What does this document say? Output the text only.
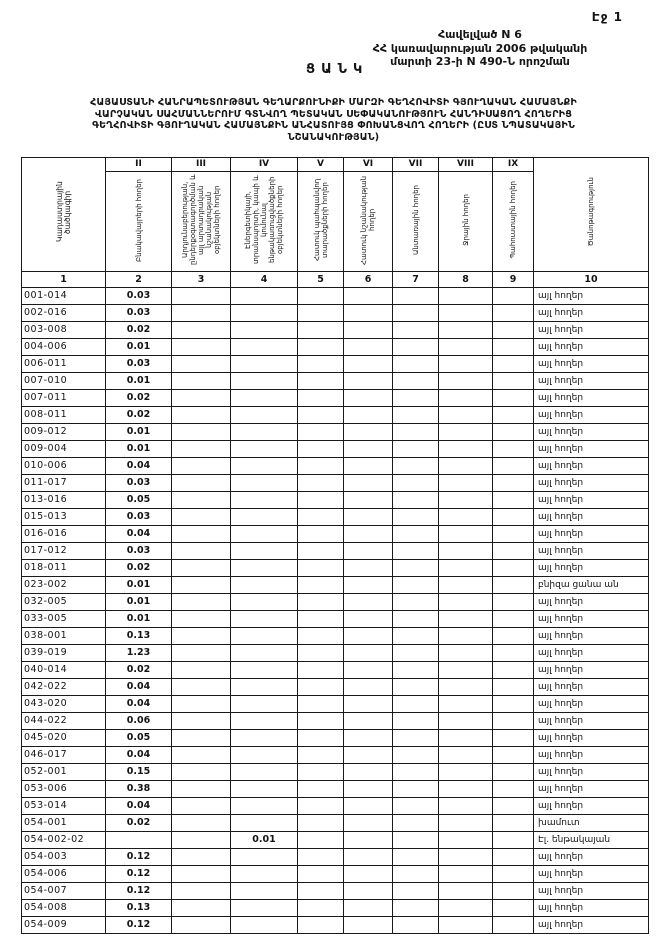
Էջ 1
Հավելված N 6
ՀՀ կառավարության 2006 թվականի
մարտի 23-ի N 490-Ն որոշման
ՑԱՆԿ
ՀԱՅԱՍՏԱՆԻ ՀԱՆՐԱՊԵՏՈՒԹՅԱՆ ԳԵՂԱՐՔՈՒՆԻՔԻ ՄԱՐԶԻ ԳԵՂՀՈՎԻՏԻ ԳՅՈՒՂԱԿԱՆ ՀԱՄԱՅՆՔԻ
ՎԱՐՉԱԿԱՆ ՍԱՀՄԱՆՆԵՐՈՒՄ ԳՏՆՎՈՂ ՊԵՏԱԿԱՆ ՍԵՓԱԿԱՆՈՒԹՅՈՒՆ ՀԱՆԴԻՍԱՑՈՂ ՀՈՂԵՐԻՑ
ԳԵՂՀՈՎԻՏԻ ԳՅՈՒՂԱԿԱՆ ՀԱՄԱՅՆՔԻՆ ԱՆՀԱՏՈՒՅՑ ՓՈԽԱՆՑՎՈՂ ՀՈՂԵՐԻ (ԸՍՏ ՆՊԱՏԱԿԱՅԻՆ
ՆՇԱՆԱԿՈՒԹՅԱՆ)
Կադաստրային ծածկագիր	II	III	IV	V	VI	VII	VIII	IX	Ծանոթագրություն
	Բնակավայրերի հողեր	Արդյունաբերության, ընդերքօգտագործման և այլ արտադրական նշանակության օբյեկտների հողեր	Էներգետիկայի, տրանսպորտի, կապի և կոմունալ ենթակառուցվածքների օբյեկտների հողեր	Հատուկ պահպանվող տարածքների հողեր	Հատուկ նշանակության հողեր	Անտառային հողեր	Ջրային հողեր	Պահուստային հողեր	
1	2	3	4	5	6	7	8	9	10
001-014	0.03								այլ հողեր
002-016	0.03								այլ հողեր
003-008	0.02								այլ հողեր
004-006	0.01								այլ հողեր
006-011	0.03								այլ հողեր
007-010	0.01								այլ հողեր
007-011	0.02								այլ հողեր
008-011	0.02								այլ հողեր
009-012	0.01								այլ հողեր
009-004	0.01								այլ հողեր
010-006	0.04								այլ հողեր
011-017	0.03								այլ հողեր
013-016	0.05								այլ հողեր
015-013	0.03								այլ հողեր
016-016	0.04								այլ հողեր
017-012	0.03								այլ հողեր
018-011	0.02								այլ հողեր
023-002	0.01								բնիզա ցանա ան
032-005	0.01								այլ հողեր
033-005	0.01								այլ հողեր
038-001	0.13								այլ հողեր
039-019	1.23								այլ հողեր
040-014	0.02								այլ հողեր
042-022	0.04								այլ հողեր
043-020	0.04								այլ հողեր
044-022	0.06								այլ հողեր
045-020	0.05								այլ հողեր
046-017	0.04								այլ հողեր
052-001	0.15								այլ հողեր
053-006	0.38								այլ հողեր
053-014	0.04								այլ հողեր
054-001	0.02								խամուտ
054-002-02			0.01						Էլ. ենթակայան
054-003	0.12								այլ հողեր
054-006	0.12								այլ հողեր
054-007	0.12								այլ հողեր
054-008	0.13								այլ հողեր
054-009	0.12								այլ հողեր
